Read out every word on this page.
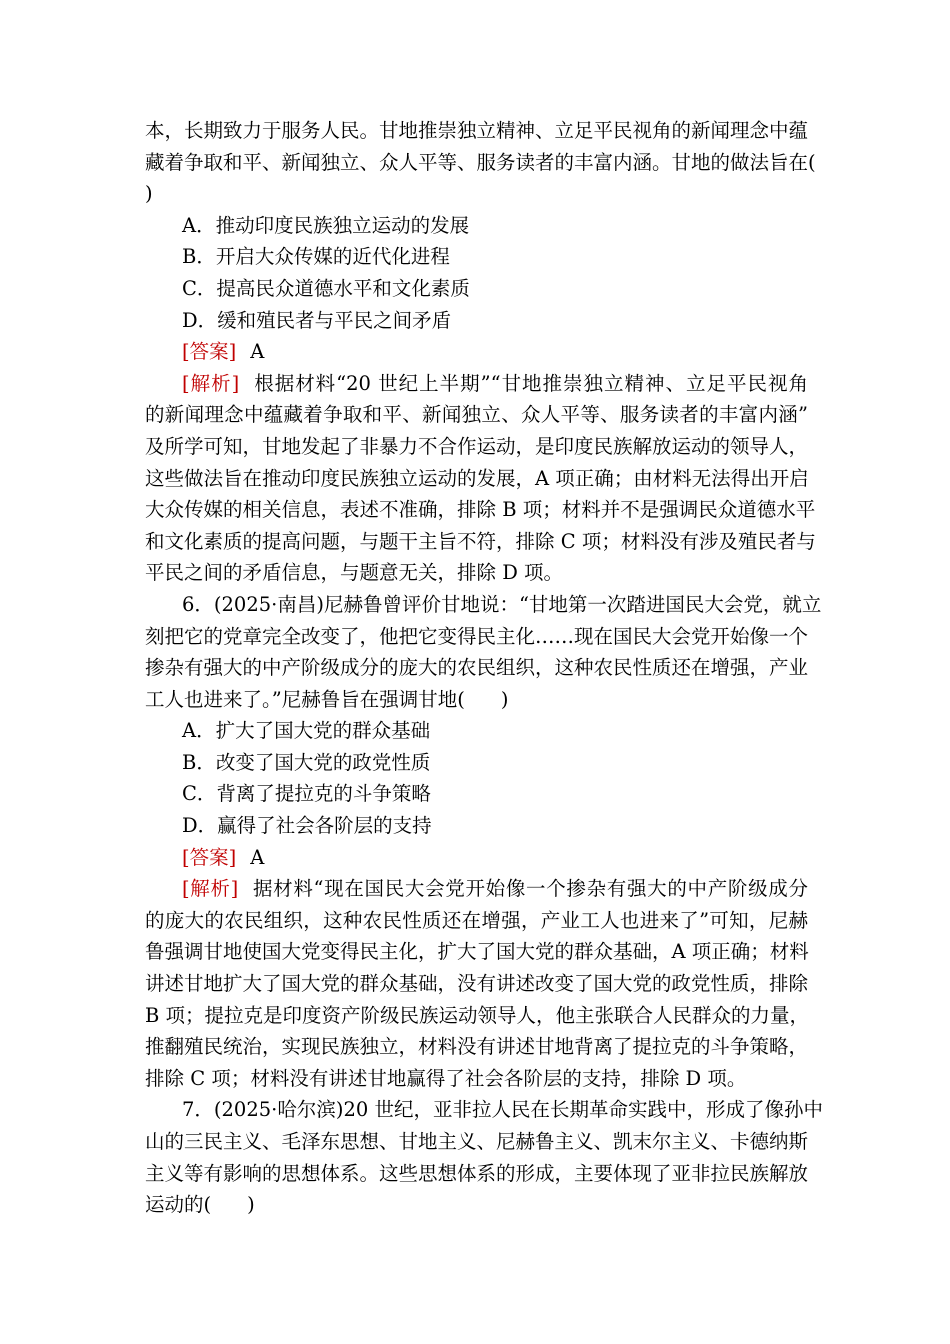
本，长期致力于服务人民。甘地推崇独立精神、立足平民视角的新闻理念中蕴
藏着争取和平、新闻独立、众人平等、服务读者的丰富内涵。甘地的做法旨在(
)
A．推动印度民族独立运动的发展
B．开启大众传媒的近代化进程
C．提高民众道德水平和文化素质
D．缓和殖民者与平民之间矛盾
[答案] A
[解析] 根据材料“20 世纪上半期”“甘地推崇独立精神、立足平民视角
的新闻理念中蕴藏着争取和平、新闻独立、众人平等、服务读者的丰富内涵”
及所学可知，甘地发起了非暴力不合作运动，是印度民族解放运动的领导人，
这些做法旨在推动印度民族独立运动的发展，A 项正确；由材料无法得出开启
大众传媒的相关信息，表述不准确，排除 B 项；材料并不是强调民众道德水平
和文化素质的提高问题，与题干主旨不符，排除 C 项；材料没有涉及殖民者与
平民之间的矛盾信息，与题意无关，排除 D 项。
6．(2025·南昌)尼赫鲁曾评价甘地说：“甘地第一次踏进国民大会党，就立
刻把它的党章完全改变了，他把它变得民主化……现在国民大会党开始像一个
掺杂有强大的中产阶级成分的庞大的农民组织，这种农民性质还在增强，产业
工人也进来了。”尼赫鲁旨在强调甘地( )
A．扩大了国大党的群众基础
B．改变了国大党的政党性质
C．背离了提拉克的斗争策略
D．赢得了社会各阶层的支持
[答案] A
[解析] 据材料“现在国民大会党开始像一个掺杂有强大的中产阶级成分
的庞大的农民组织，这种农民性质还在增强，产业工人也进来了”可知，尼赫
鲁强调甘地使国大党变得民主化，扩大了国大党的群众基础，A 项正确；材料
讲述甘地扩大了国大党的群众基础，没有讲述改变了国大党的政党性质，排除
B 项；提拉克是印度资产阶级民族运动领导人，他主张联合人民群众的力量，
推翻殖民统治，实现民族独立，材料没有讲述甘地背离了提拉克的斗争策略，
排除 C 项；材料没有讲述甘地赢得了社会各阶层的支持，排除 D 项。
7．(2025·哈尔滨)20 世纪，亚非拉人民在长期革命实践中，形成了像孙中
山的三民主义、毛泽东思想、甘地主义、尼赫鲁主义、凯末尔主义、卡德纳斯
主义等有影响的思想体系。这些思想体系的形成，主要体现了亚非拉民族解放
运动的( )
